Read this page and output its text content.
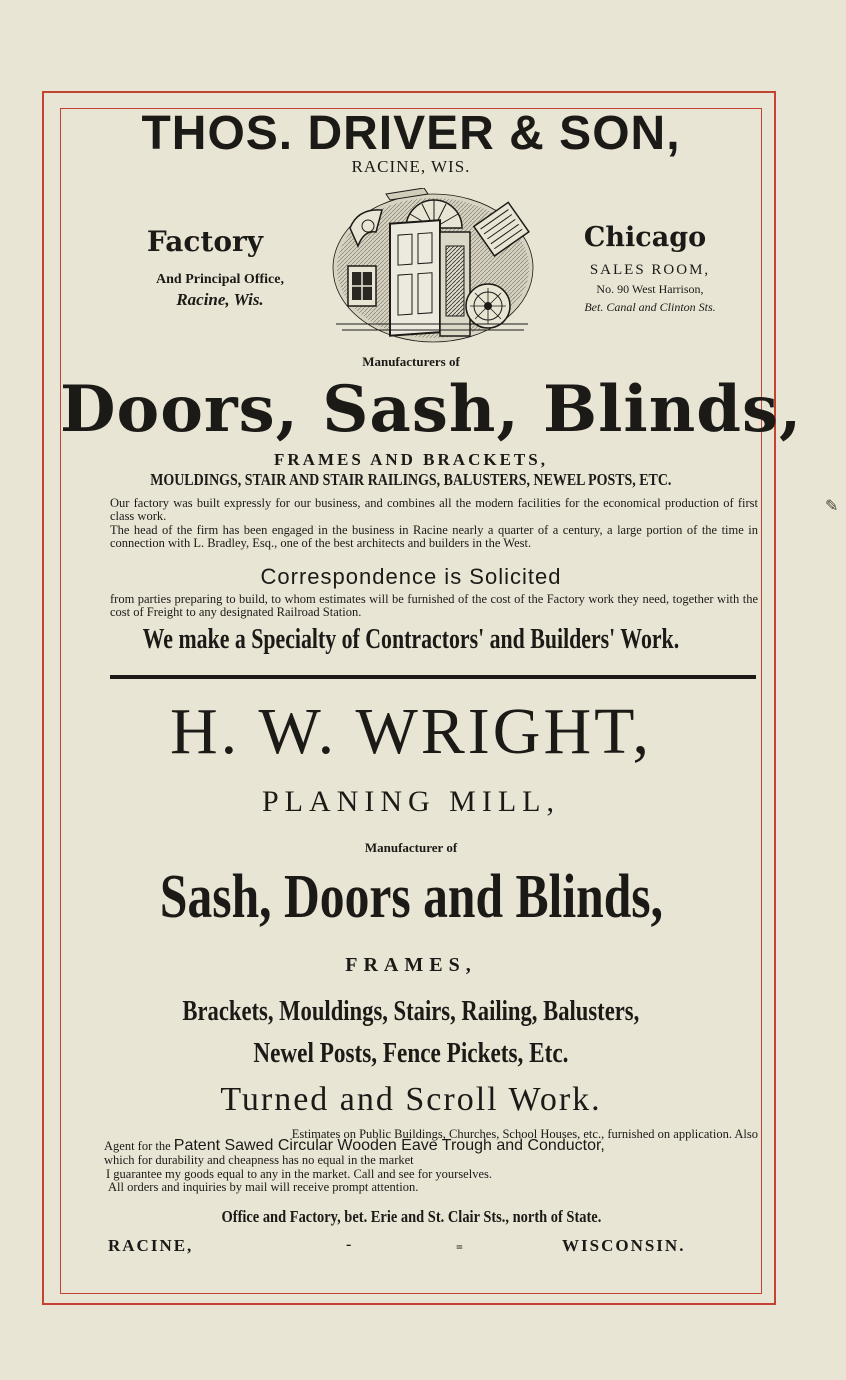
THOS. DRIVER & SON,
RACINE, WIS.
Factory
And Principal Office,
Racine, Wis.
Chicago
SALES ROOM,
No. 90 West Harrison,
Bet. Canal and Clinton Sts.
Manufacturers of
Doors, Sash, Blinds,
FRAMES AND BRACKETS,
MOULDINGS, STAIR AND STAIR RAILINGS, BALUSTERS, NEWEL POSTS, ETC.
Our factory was built expressly for our business, and combines all the modern facilities for the economical production of first class work.
The head of the firm has been engaged in the business in Racine nearly a quarter of a century, a large portion of the time in connection with L. Bradley, Esq., one of the best architects and builders in the West.
Correspondence is Solicited
from parties preparing to build, to whom estimates will be furnished of the cost of the Factory work they need, together with the cost of Freight to any designated Railroad Station.
We make a Specialty of Contractors' and Builders' Work.
H. W. WRIGHT,
PLANING MILL,
Manufacturer of
Sash, Doors and Blinds,
FRAMES,
Brackets, Mouldings, Stairs, Railing, Balusters,
Newel Posts, Fence Pickets, Etc.
Turned and Scroll Work.
Estimates on Public Buildings, Churches, School Houses, etc., furnished on application. Also
Agent for the Patent Sawed Circular Wooden Eave Trough and Conductor,
which for durability and cheapness has no equal in the market
I guarantee my goods equal to any in the market. Call and see for yourselves.
All orders and inquiries by mail will receive prompt attention.
Office and Factory, bet. Erie and St. Clair Sts., north of State.
RACINE,	-	=	WISCONSIN.
✎
